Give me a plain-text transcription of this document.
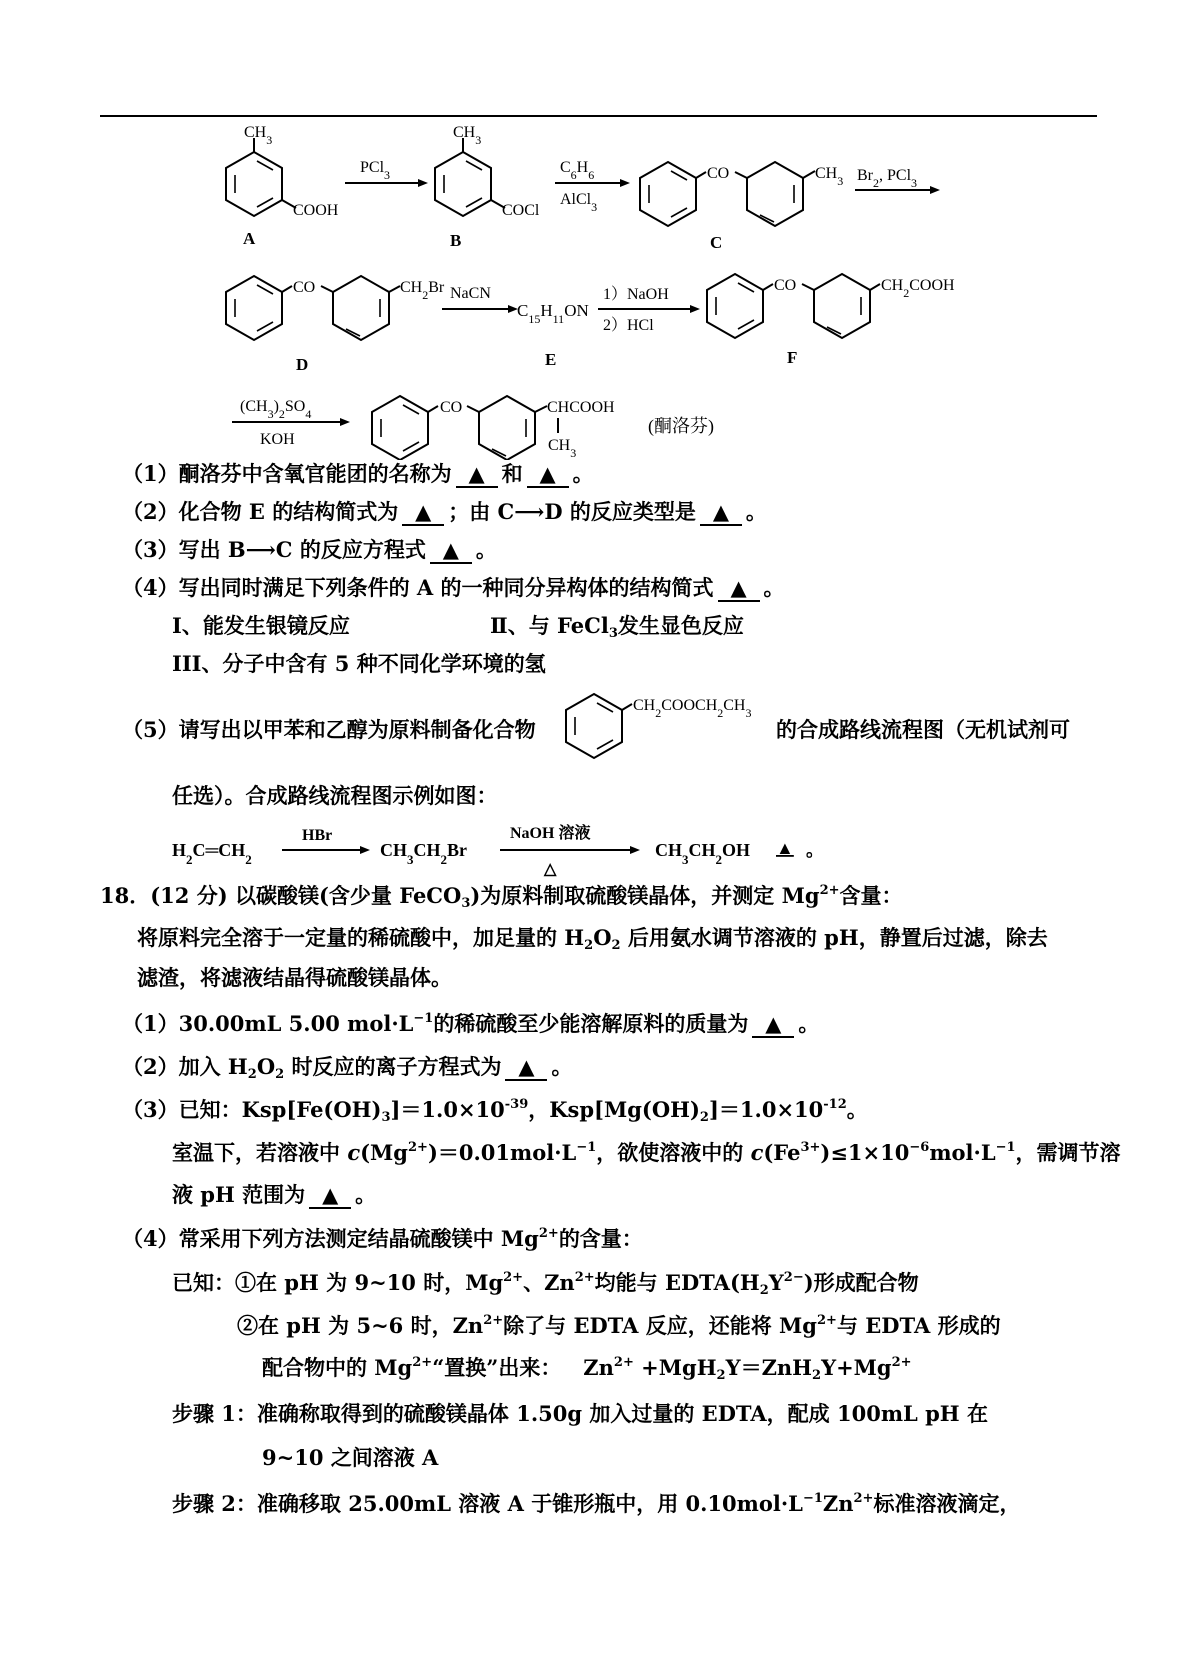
$CH_3$
COOH
A
PCl$_3$
$CH_3$
COCl
B
$C_6H_6$
AlCl$_3$
CO	$CH_3$
C
$Br_2$, PCl$_3$
CO	$CH_2Br$
D
NaCN
$C_{15}H_{11}ON$
E
1）NaOH
2）HCl
CO	$CH_2COOH$
F
$(CH_3)_2SO_4$
KOH
CO	CHCOOH
$CH_3$
(酮洛芬)
（1）酮洛芬中含氧官能团的名称为 ▲ 和 ▲ 。
（2）化合物 E 的结构简式为 ▲ ；由 C⟶D 的反应类型是 ▲ 。
（3）写出 B⟶C 的反应方程式 ▲ 。
（4）写出同时满足下列条件的 A 的一种同分异构体的结构简式 ▲ 。
Ⅰ、能发生银镜反应	Ⅱ、与 FeCl$_3$发生显色反应
III、分子中含有 5 种不同化学环境的氢
（5）请写出以甲苯和乙醇为原料制备化合物
$CH_2COOCH_2CH_3$
的合成路线流程图（无机试剂可
任选）。合成路线流程图示例如图：
$H_2C═CH_2$
HBr
$CH_3CH_2Br$
NaOH 溶液
△
$CH_3CH_2OH$ ▲ 。
18．(12 分) 以碳酸镁(含少量 FeCO$_3$)为原料制取硫酸镁晶体，并测定 $Mg^{2+}$含量：
将原料完全溶于一定量的稀硫酸中，加足量的 $H_2O_2$ 后用氨水调节溶液的 pH，静置后过滤，除去
滤渣，将滤液结晶得硫酸镁晶体。
（1）30.00mL 5.00 $mol\cdot L^{-1}$的稀硫酸至少能溶解原料的质量为 ▲ 。
（2）加入 $H_2O_2$ 时反应的离子方程式为 ▲ 。
（3）已知：$Ksp[Fe(OH)_3]=1.0\times 10^{-39}$，$Ksp[Mg(OH)_2]=1.0\times 10^{-12}$。
室温下，若溶液中 $c(Mg^{2+})=0.01mol\cdot L^{-1}$，欲使溶液中的 $c(Fe^{3+})\le 1\times 10^{-6}mol\cdot L^{-1}$，需调节溶
液 pH 范围为 ▲ 。
（4）常采用下列方法测定结晶硫酸镁中 $Mg^{2+}$的含量：
已知：①在 pH 为 9~10 时，$Mg^{2+}$、$Zn^{2+}$均能与 $EDTA(H_2Y^{2-})$形成配合物
②在 pH 为 5~6 时，$Zn^{2+}$除了与 EDTA 反应，还能将 $Mg^{2+}$与 EDTA 形成的
配合物中的 $Mg^{2+}“$置换”出来：   $Zn^{2+} +MgH_2Y=ZnH_2Y+Mg^{2+}$
步骤 1：准确称取得到的硫酸镁晶体 1.50g 加入过量的 EDTA，配成 100mL pH 在
9~10 之间溶液 A
步骤 2：准确移取 25.00mL 溶液 A 于锥形瓶中，用 $0.10mol\cdot L^{-1}Zn^{2+}$标准溶液滴定，
